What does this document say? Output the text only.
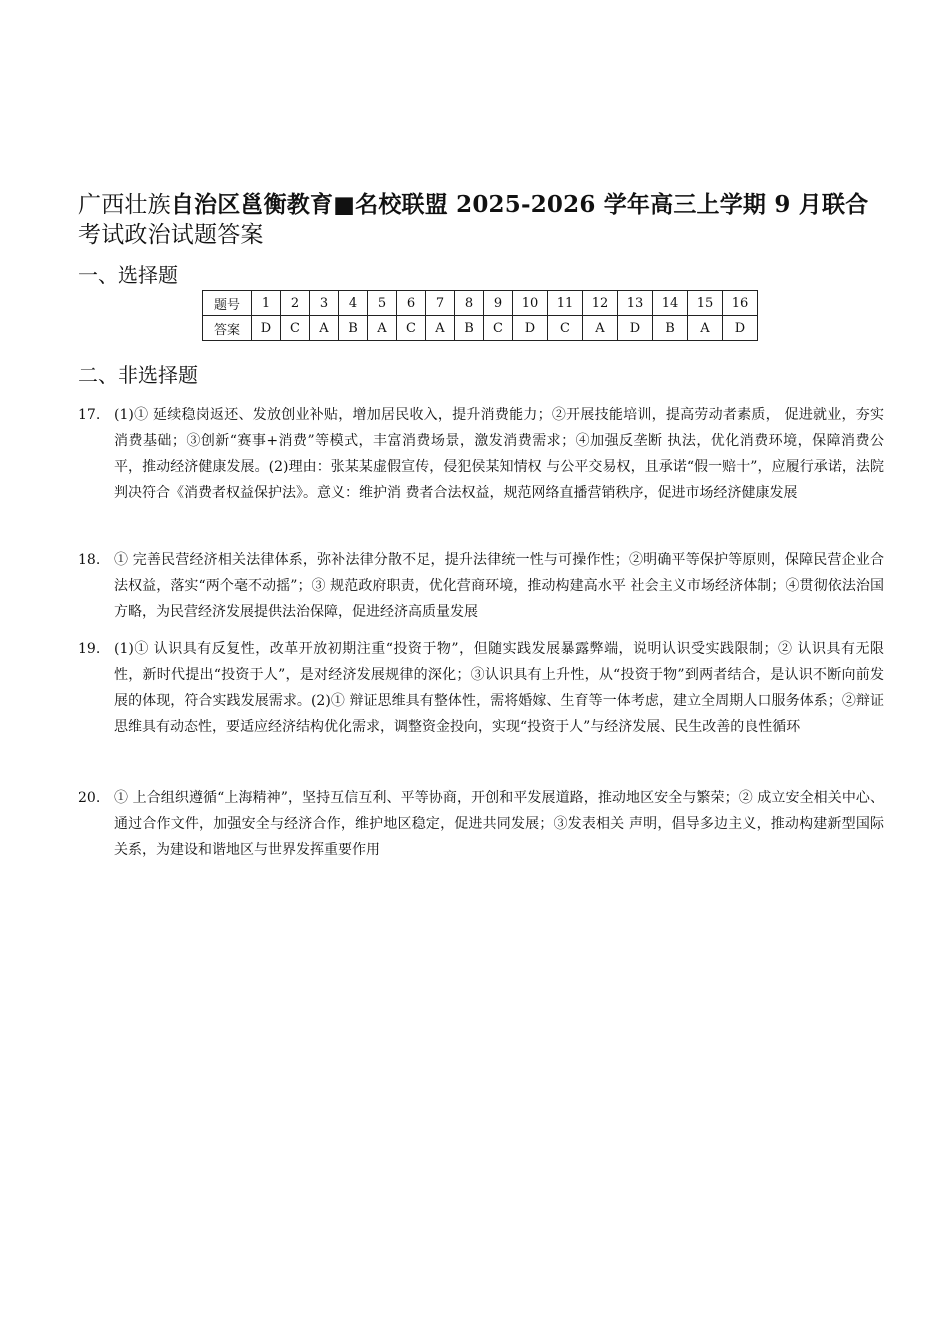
广西壮族自治区邕衡教育■名校联盟 2025-2026 学年高三上学期 9 月联合 考试政治试题答案
一、选择题
题号	1	2	3	4	5	6	7	8	9	10	11	12	13	14	15	16
答案	D	C	A	B	A	C	A	B	C	D	C	A	D	B	A	D
二、非选择题
17. (1)① 延续稳岗返还、发放创业补贴，增加居民收入，提升消费能力；②开展技能培训，提高劳动者素质， 促进就业，夯实消费基础；③创新“赛事+消费”等模式，丰富消费场景，激发消费需求；④加强反垄断 执法，优化消费环境，保障消费公平，推动经济健康发展。(2)理由：张某某虚假宣传，侵犯侯某知情权 与公平交易权，且承诺“假一赔十”，应履行承诺，法院判决符合《消费者权益保护法》。意义：维护消 费者合法权益，规范网络直播营销秩序，促进市场经济健康发展
18. ① 完善民营经济相关法律体系，弥补法律分散不足，提升法律统一性与可操作性；②明确平等保护等原则，保障民营企业合法权益，落实“两个毫不动摇”；③ 规范政府职责，优化营商环境，推动构建高水平 社会主义市场经济体制；④贯彻依法治国方略，为民营经济发展提供法治保障，促进经济高质量发展
19. (1)① 认识具有反复性，改革开放初期注重“投资于物”，但随实践发展暴露弊端，说明认识受实践限制；② 认识具有无限性，新时代提出“投资于人”，是对经济发展规律的深化；③认识具有上升性，从“投资于物”到两者结合，是认识不断向前发展的体现，符合实践发展需求。(2)① 辩证思维具有整体性，需将婚嫁、生育等一体考虑，建立全周期人口服务体系；②辩证思维具有动态性，要适应经济结构优化需求，调整资金投向，实现“投资于人”与经济发展、民生改善的良性循环
20. ① 上合组织遵循“上海精神”，坚持互信互利、平等协商，开创和平发展道路，推动地区安全与繁荣；② 成立安全相关中心、通过合作文件，加强安全与经济合作，维护地区稳定，促进共同发展；③发表相关 声明，倡导多边主义，推动构建新型国际关系，为建设和谐地区与世界发挥重要作用
